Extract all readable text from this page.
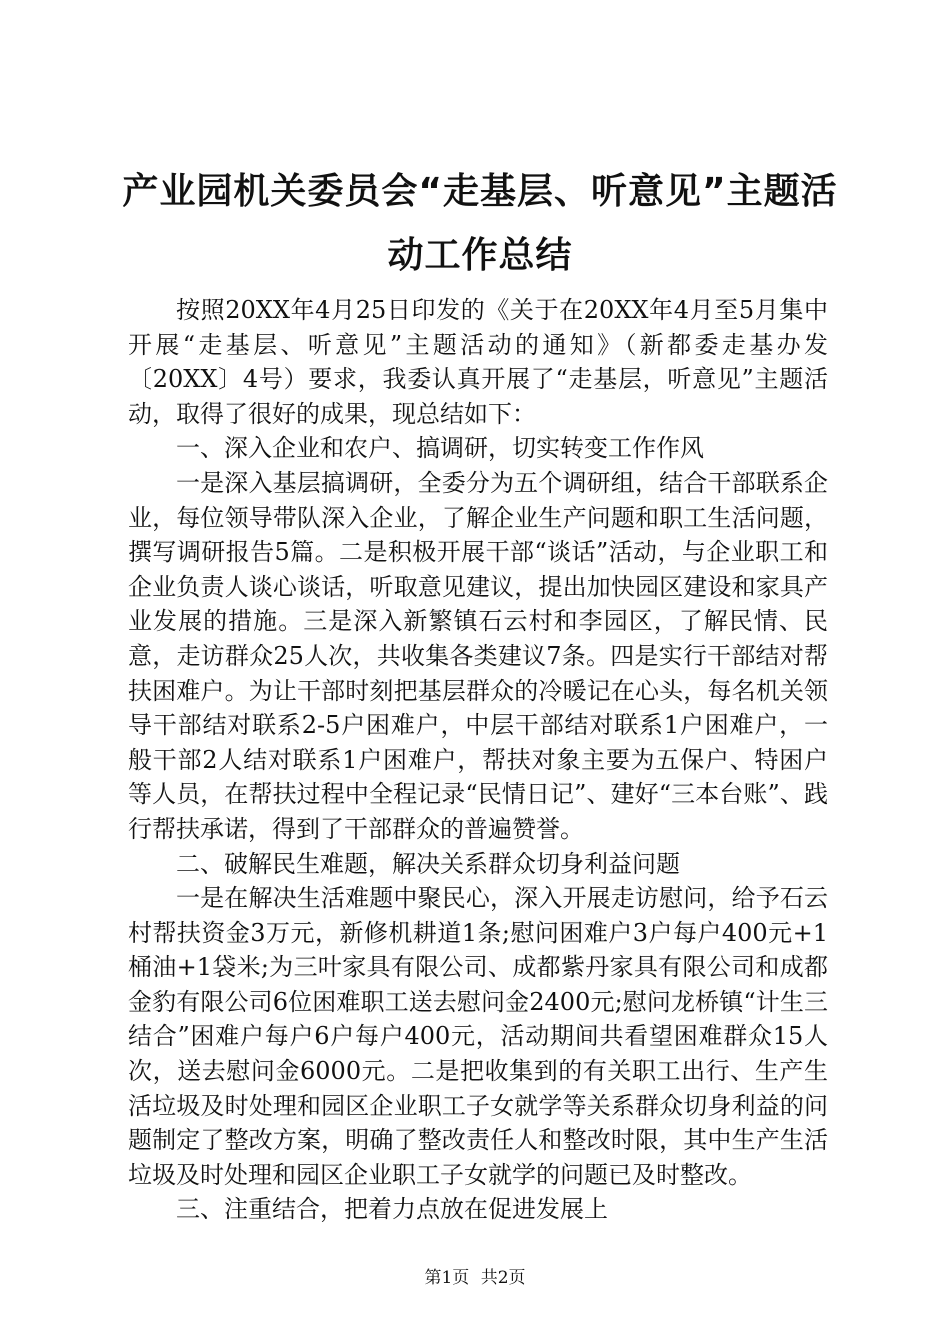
产业园机关委员会“走基层、听意见”主题活动工作总结

按照20XX年4月25日印发的《关于在20XX年4月至5月集中开展“走基层、听意见”主题活动的通知》（新都委走基办发〔20XX〕4号）要求，我委认真开展了“走基层，听意见”主题活动，取得了很好的成果，现总结如下：

一、深入企业和农户、搞调研，切实转变工作作风

一是深入基层搞调研，全委分为五个调研组，结合干部联系企业，每位领导带队深入企业，了解企业生产问题和职工生活问题，撰写调研报告5篇。二是积极开展干部“谈话”活动，与企业职工和企业负责人谈心谈话，听取意见建议，提出加快园区建设和家具产业发展的措施。三是深入新繁镇石云村和李园区，了解民情、民意，走访群众25人次，共收集各类建议7条。四是实行干部结对帮扶困难户。为让干部时刻把基层群众的冷暖记在心头，每名机关领导干部结对联系2-5户困难户，中层干部结对联系1户困难户，一般干部2人结对联系1户困难户，帮扶对象主要为五保户、特困户等人员，在帮扶过程中全程记录“民情日记”、建好“三本台账”、践行帮扶承诺，得到了干部群众的普遍赞誉。

二、破解民生难题，解决关系群众切身利益问题

一是在解决生活难题中聚民心，深入开展走访慰问，给予石云村帮扶资金3万元，新修机耕道1条;慰问困难户3户每户400元+1桶油+1袋米;为三叶家具有限公司、成都紫丹家具有限公司和成都金豹有限公司6位困难职工送去慰问金2400元;慰问龙桥镇“计生三结合”困难户每户6户每户400元，活动期间共看望困难群众15人次，送去慰问金6000元。二是把收集到的有关职工出行、生产生活垃圾及时处理和园区企业职工子女就学等关系群众切身利益的问题制定了整改方案，明确了整改责任人和整改时限，其中生产生活垃圾及时处理和园区企业职工子女就学的问题已及时整改。

三、注重结合，把着力点放在促进发展上

第1页 共2页
